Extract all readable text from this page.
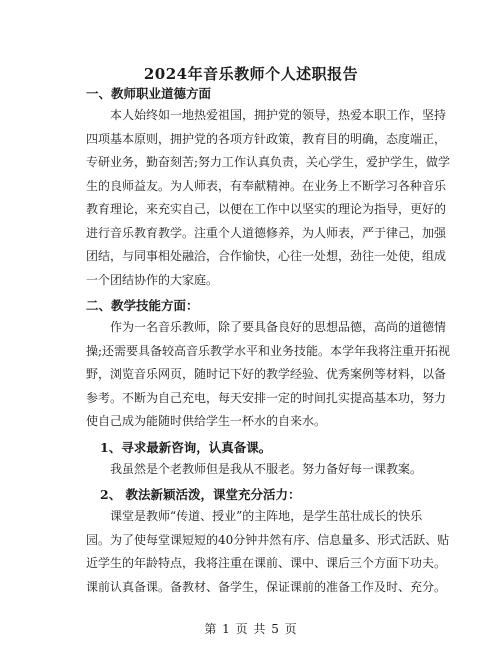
2024年音乐教师个人述职报告
一、教师职业道德方面
本人始终如一地热爱祖国，拥护党的领导，热爱本职工作，坚持
四项基本原则，拥护党的各项方针政策，教育目的明确，态度端正，
专研业务，勤奋刻苦;努力工作认真负责，关心学生，爱护学生，做学
生的良师益友。为人师表，有奉献精神。在业务上不断学习各种音乐
教育理论，来充实自己，以便在工作中以坚实的理论为指导，更好的
进行音乐教育教学。注重个人道德修养，为人师表，严于律己，加强
团结，与同事相处融洽，合作愉快，心往一处想，劲往一处使，组成
一个团结协作的大家庭。
二、教学技能方面：
作为一名音乐教师，除了要具备良好的思想品德，高尚的道德情
操;还需要具备较高音乐教学水平和业务技能。本学年我将注重开拓视
野，浏览音乐网页，随时记下好的教学经验、优秀案例等材料，以备
参考。不断为自己充电，每天安排一定的时间扎实提高基本功，努力
使自己成为能随时供给学生一杯水的自来水。
1、寻求最新咨询，认真备课。
我虽然是个老教师但是我从不服老。努力备好每一课教案。
2、 教法新颖活泼，课堂充分活力：
课堂是教师“传道、授业”的主阵地，是学生茁壮成长的快乐
园。为了使每堂课短短的40分钟井然有序、信息量多、形式活跃、贴
近学生的年龄特点，我将注重在课前、课中、课后三个方面下功夫。
课前认真备课。备教材、备学生，保证课前的准备工作及时、充分。
第 1 页 共 5 页
